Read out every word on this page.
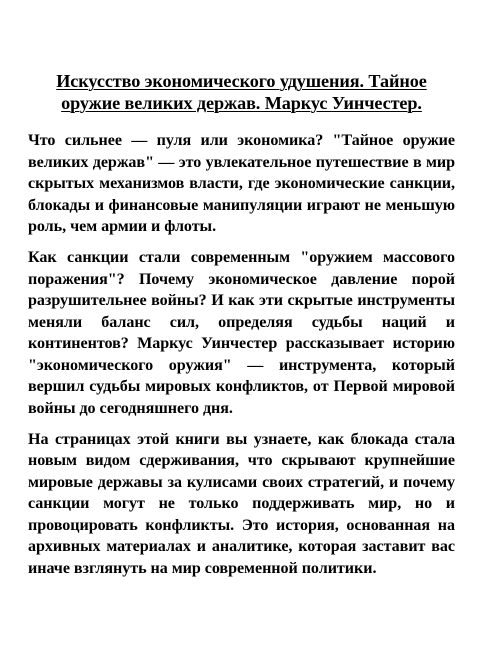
Искусство экономического удушения. Тайное оружие великих держав. Маркус Уинчестер.

Что сильнее — пуля или экономика? "Тайное оружие великих держав" — это увлекательное путешествие в мир скрытых механизмов власти, где экономические санкции, блокады и финансовые манипуляции играют не меньшую роль, чем армии и флоты.

Как санкции стали современным "оружием массового поражения"? Почему экономическое давление порой разрушительнее войны? И как эти скрытые инструменты меняли баланс сил, определяя судьбы наций и континентов? Маркус Уинчестер рассказывает историю "экономического оружия" — инструмента, который вершил судьбы мировых конфликтов, от Первой мировой войны до сегодняшнего дня.

На страницах этой книги вы узнаете, как блокада стала новым видом сдерживания, что скрывают крупнейшие мировые державы за кулисами своих стратегий, и почему санкции могут не только поддерживать мир, но и провоцировать конфликты. Это история, основанная на архивных материалах и аналитике, которая заставит вас иначе взглянуть на мир современной политики.
